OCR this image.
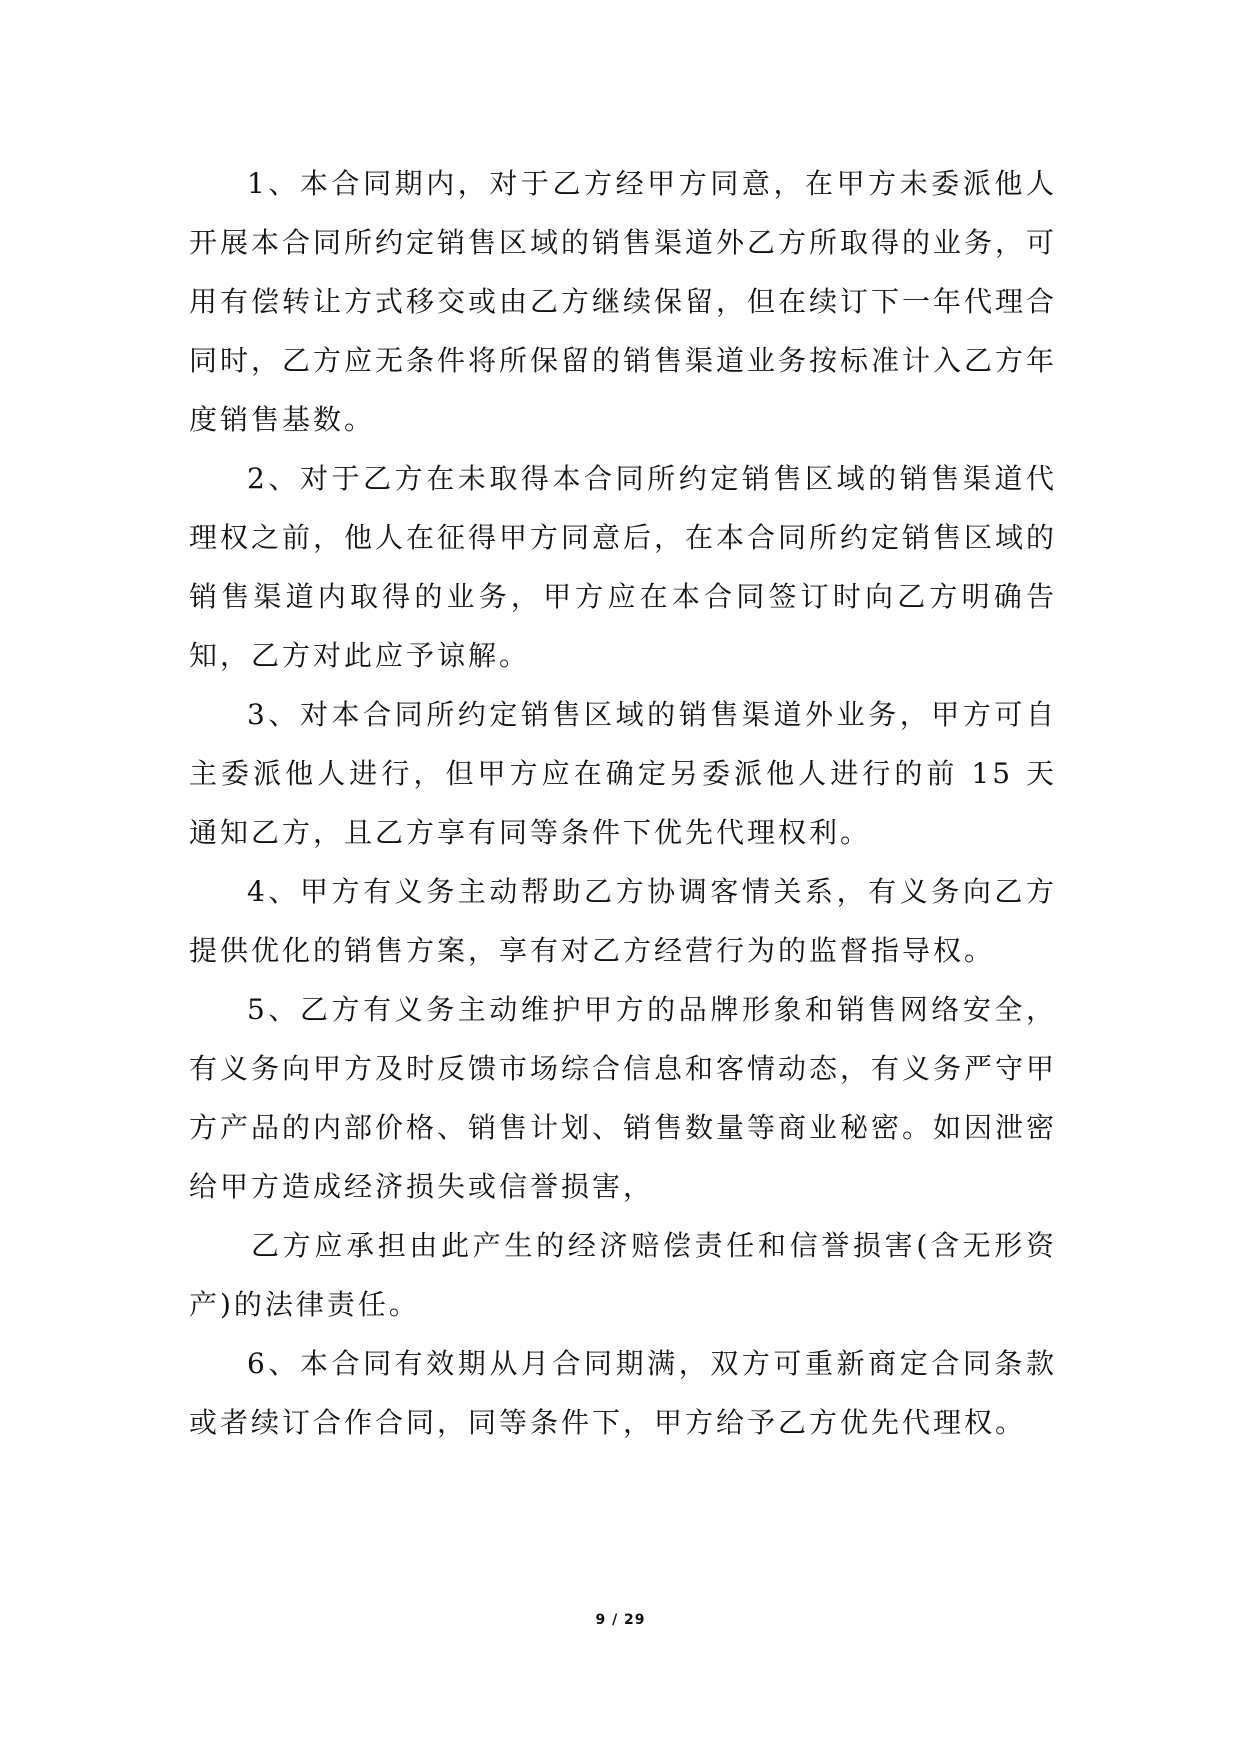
1、本合同期内，对于乙方经甲方同意，在甲方未委派他人开展本合同所约定销售区域的销售渠道外乙方所取得的业务，可用有偿转让方式移交或由乙方继续保留，但在续订下一年代理合同时，乙方应无条件将所保留的销售渠道业务按标准计入乙方年度销售基数。

2、对于乙方在未取得本合同所约定销售区域的销售渠道代理权之前，他人在征得甲方同意后，在本合同所约定销售区域的销售渠道内取得的业务，甲方应在本合同签订时向乙方明确告知，乙方对此应予谅解。

3、对本合同所约定销售区域的销售渠道外业务，甲方可自主委派他人进行，但甲方应在确定另委派他人进行的前 15 天通知乙方，且乙方享有同等条件下优先代理权利。

4、甲方有义务主动帮助乙方协调客情关系，有义务向乙方提供优化的销售方案，享有对乙方经营行为的监督指导权。

5、乙方有义务主动维护甲方的品牌形象和销售网络安全，有义务向甲方及时反馈市场综合信息和客情动态，有义务严守甲方产品的内部价格、销售计划、销售数量等商业秘密。如因泄密给甲方造成经济损失或信誉损害，

乙方应承担由此产生的经济赔偿责任和信誉损害(含无形资产)的法律责任。

6、本合同有效期从月合同期满，双方可重新商定合同条款或者续订合作合同，同等条件下，甲方给予乙方优先代理权。

9 / 29
